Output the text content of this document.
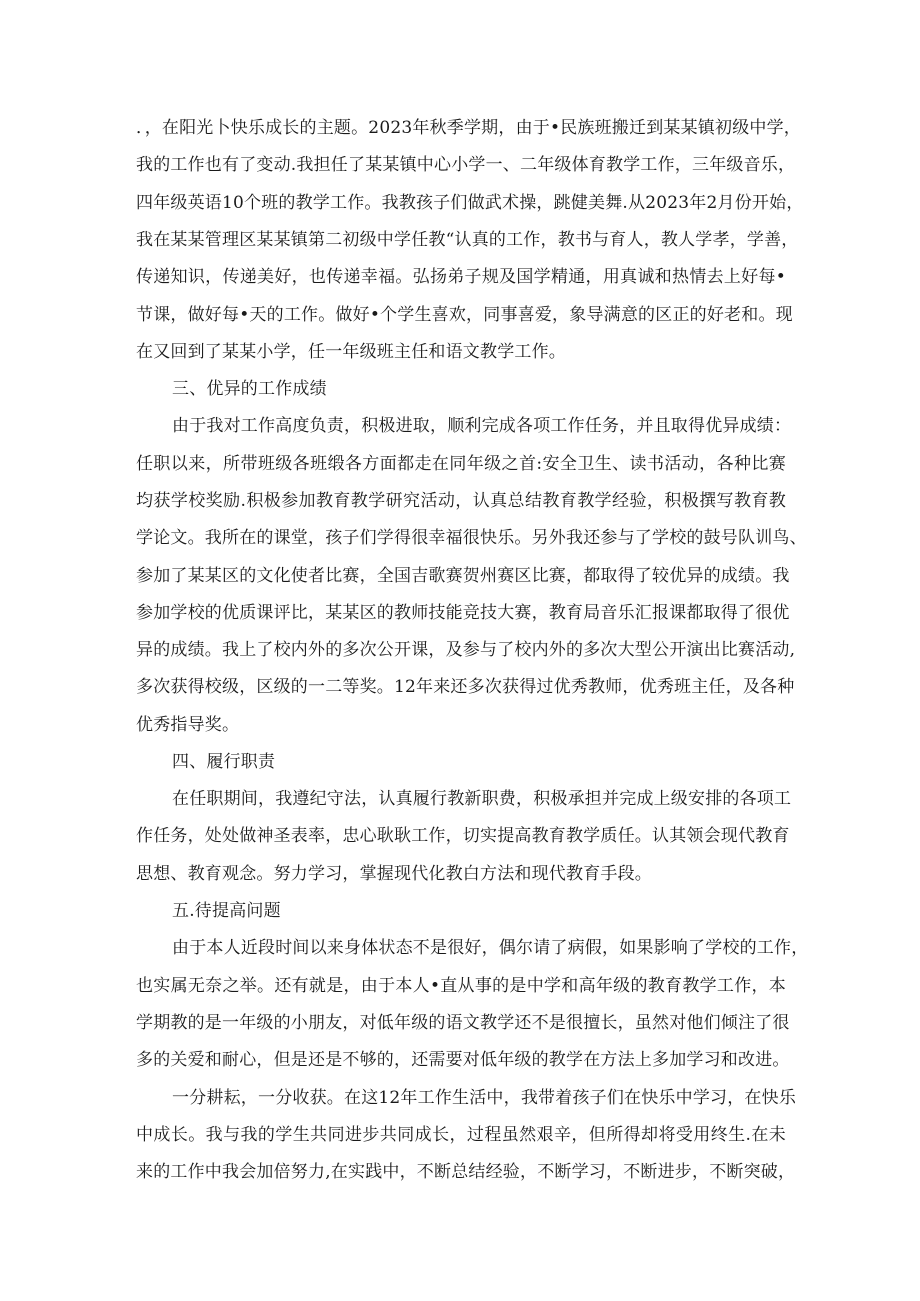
．，在阳光卜快乐成长的主题。2023年秋季学期，由于•民族班搬迁到某某镇初级中学，
我的工作也有了变动.我担任了某某镇中心小学一、二年级体育教学工作，三年级音乐，
四年级英语10个班的教学工作。我教孩子们做武术操，跳健美舞.从2023年2月份开始，
我在某某管理区某某镇第二初级中学任教“认真的工作，教书与育人，教人学孝，学善，
传递知识，传递美好，也传递幸福。弘扬弟子规及国学精通，用真诚和热情去上好每•
节课，做好每•天的工作。做好•个学生喜欢，同事喜爱，象导满意的区正的好老和。现
在又回到了某某小学，任一年级班主任和语文教学工作。
三、优异的工作成绩
由于我对工作高度负责，积极进取，顺利完成各项工作任务，并且取得优异成绩：
任职以来，所带班级各班缎各方面都走在同年级之首:安全卫生、读书活动，各种比赛
均获学校奖励.积极参加教育教学研究活动，认真总结教育教学经验，积极撰写教育教
学论文。我所在的课堂，孩子们学得很幸福很快乐。另外我还参与了学校的鼓号队训鸟、
参加了某某区的文化使者比赛，全国吉歌赛贺州赛区比赛，都取得了较优异的成绩。我
参加学校的优质课评比，某某区的教师技能竞技大赛，教育局音乐汇报课都取得了很优
异的成绩。我上了校内外的多次公开课，及参与了校内外的多次大型公开演出比赛活动,
多次获得校级，区级的一二等奖。12年来还多次获得过优秀教师，优秀班主任，及各种
优秀指导奖。
四、履行职责
在任职期间，我遵纪守法，认真履行教新职费，积极承担并完成上级安排的各项工
作任务，处处做神圣表率，忠心耿耿工作，切实提高教育教学质任。认其领会现代教育
思想、教育观念。努力学习，掌握现代化教白方法和现代教育手段。
五.待提高问题
由于本人近段时间以来身体状态不是很好，偶尔请了病假，如果影响了学校的工作，
也实属无奈之举。还有就是，由于本人•直从事的是中学和高年级的教育教学工作，本
学期教的是一年级的小朋友，对低年级的语文教学还不是很擅长，虽然对他们倾注了很
多的关爱和耐心，但是还是不够的，还需要对低年级的教学在方法上多加学习和改进。
一分耕耘，一分收获。在这12年工作生活中，我带着孩子们在快乐中学习，在快乐
中成长。我与我的学生共同进步共同成长，过程虽然艰辛，但所得却将受用终生.在未
来的工作中我会加倍努力,在实践中，不断总结经验，不断学习，不断进步，不断突破，
